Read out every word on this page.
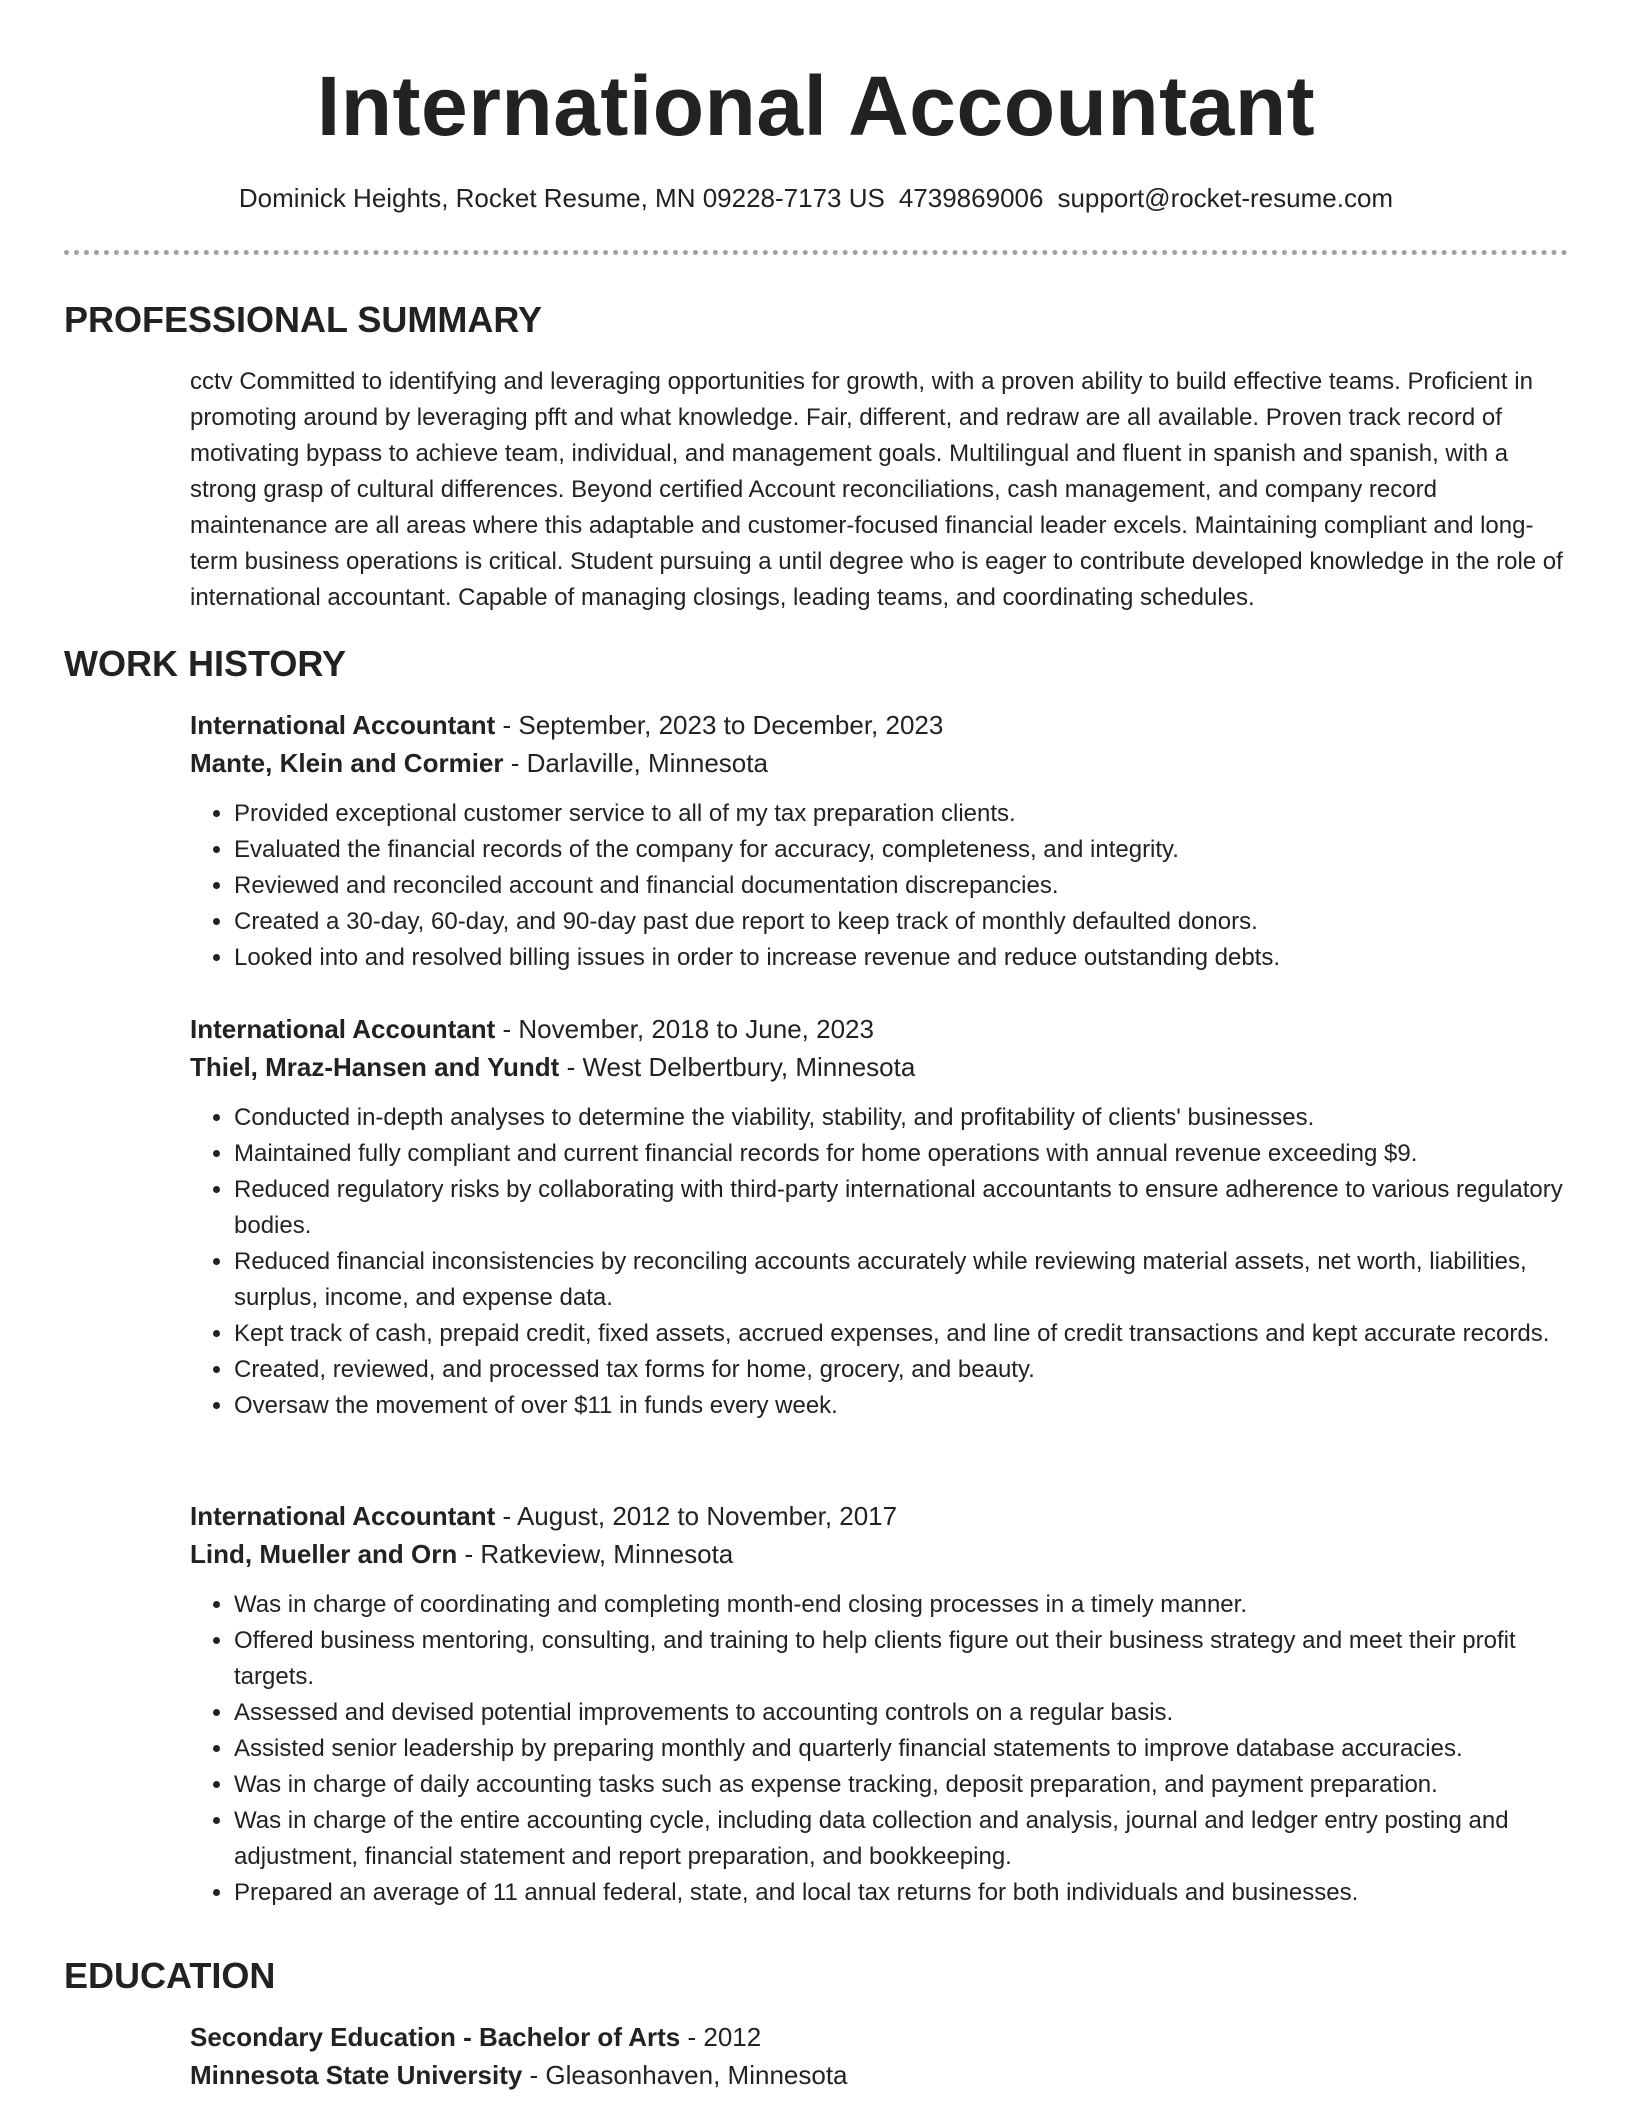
International Accountant
Dominick Heights, Rocket Resume, MN 09228-7173 US 4739869006 support@rocket-resume.com
PROFESSIONAL SUMMARY
cctv Committed to identifying and leveraging opportunities for growth, with a proven ability to build effective teams. Proficient in promoting around by leveraging pfft and what knowledge. Fair, different, and redraw are all available. Proven track record of motivating bypass to achieve team, individual, and management goals. Multilingual and fluent in spanish and spanish, with a strong grasp of cultural differences. Beyond certified Account reconciliations, cash management, and company record maintenance are all areas where this adaptable and customer-focused financial leader excels. Maintaining compliant and long-term business operations is critical. Student pursuing a until degree who is eager to contribute developed knowledge in the role of international accountant. Capable of managing closings, leading teams, and coordinating schedules.
WORK HISTORY
International Accountant - September, 2023 to December, 2023
Mante, Klein and Cormier - Darlaville, Minnesota
• Provided exceptional customer service to all of my tax preparation clients.
• Evaluated the financial records of the company for accuracy, completeness, and integrity.
• Reviewed and reconciled account and financial documentation discrepancies.
• Created a 30-day, 60-day, and 90-day past due report to keep track of monthly defaulted donors.
• Looked into and resolved billing issues in order to increase revenue and reduce outstanding debts.
International Accountant - November, 2018 to June, 2023
Thiel, Mraz-Hansen and Yundt - West Delbertbury, Minnesota
• Conducted in-depth analyses to determine the viability, stability, and profitability of clients' businesses.
• Maintained fully compliant and current financial records for home operations with annual revenue exceeding $9.
• Reduced regulatory risks by collaborating with third-party international accountants to ensure adherence to various regulatory bodies.
• Reduced financial inconsistencies by reconciling accounts accurately while reviewing material assets, net worth, liabilities, surplus, income, and expense data.
• Kept track of cash, prepaid credit, fixed assets, accrued expenses, and line of credit transactions and kept accurate records.
• Created, reviewed, and processed tax forms for home, grocery, and beauty.
• Oversaw the movement of over $11 in funds every week.
International Accountant - August, 2012 to November, 2017
Lind, Mueller and Orn - Ratkeview, Minnesota
• Was in charge of coordinating and completing month-end closing processes in a timely manner.
• Offered business mentoring, consulting, and training to help clients figure out their business strategy and meet their profit targets.
• Assessed and devised potential improvements to accounting controls on a regular basis.
• Assisted senior leadership by preparing monthly and quarterly financial statements to improve database accuracies.
• Was in charge of daily accounting tasks such as expense tracking, deposit preparation, and payment preparation.
• Was in charge of the entire accounting cycle, including data collection and analysis, journal and ledger entry posting and adjustment, financial statement and report preparation, and bookkeeping.
• Prepared an average of 11 annual federal, state, and local tax returns for both individuals and businesses.
EDUCATION
Secondary Education - Bachelor of Arts - 2012
Minnesota State University - Gleasonhaven, Minnesota
